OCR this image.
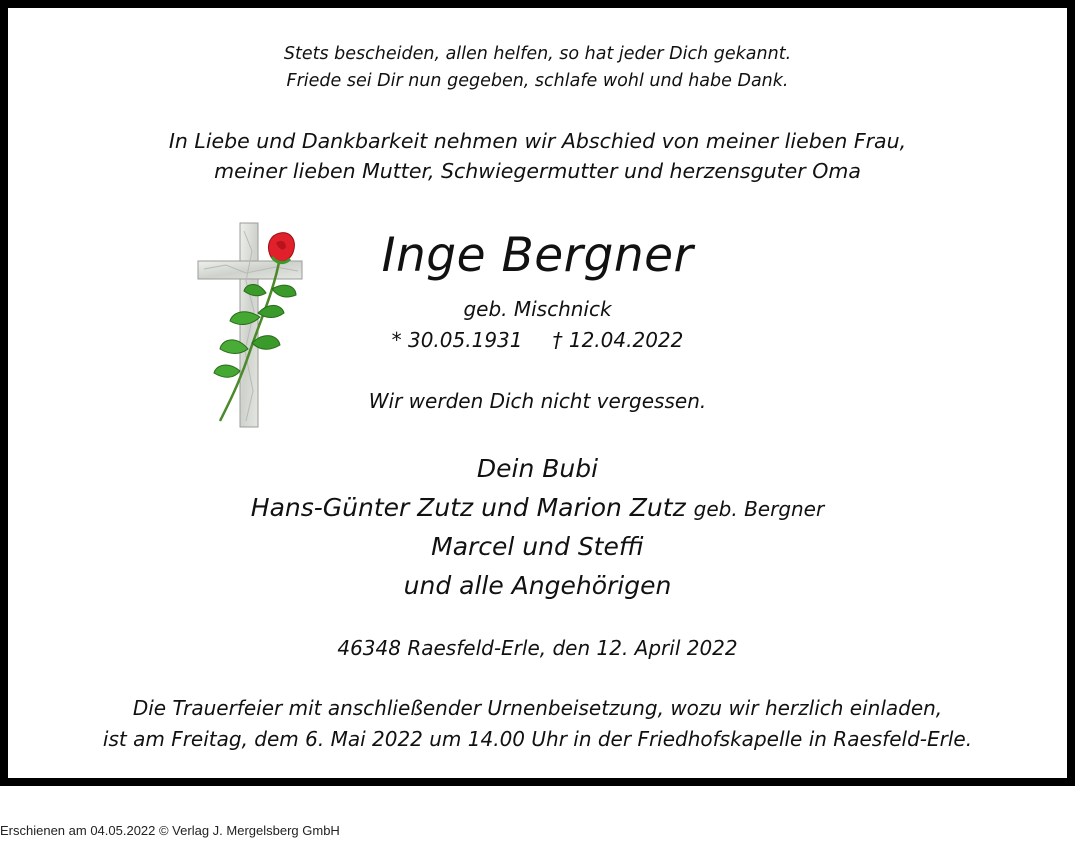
Stets bescheiden, allen helfen, so hat jeder Dich gekannt.
Friede sei Dir nun gegeben, schlafe wohl und habe Dank.
In Liebe und Dankbarkeit nehmen wir Abschied von meiner lieben Frau,
meiner lieben Mutter, Schwiegermutter und herzensguter Oma
Inge Bergner
geb. Mischnick
* 30.05.1931 † 12.04.2022
Wir werden Dich nicht vergessen.
Dein Bubi
Hans-Günter Zutz und Marion Zutz geb. Bergner
Marcel und Steffi
und alle Angehörigen
46348 Raesfeld-Erle, den 12. April 2022
Die Trauerfeier mit anschließender Urnenbeisetzung, wozu wir herzlich einladen,
ist am Freitag, dem 6. Mai 2022 um 14.00 Uhr in der Friedhofskapelle in Raesfeld-Erle.
Erschienen am 04.05.2022 © Verlag J. Mergelsberg GmbH
